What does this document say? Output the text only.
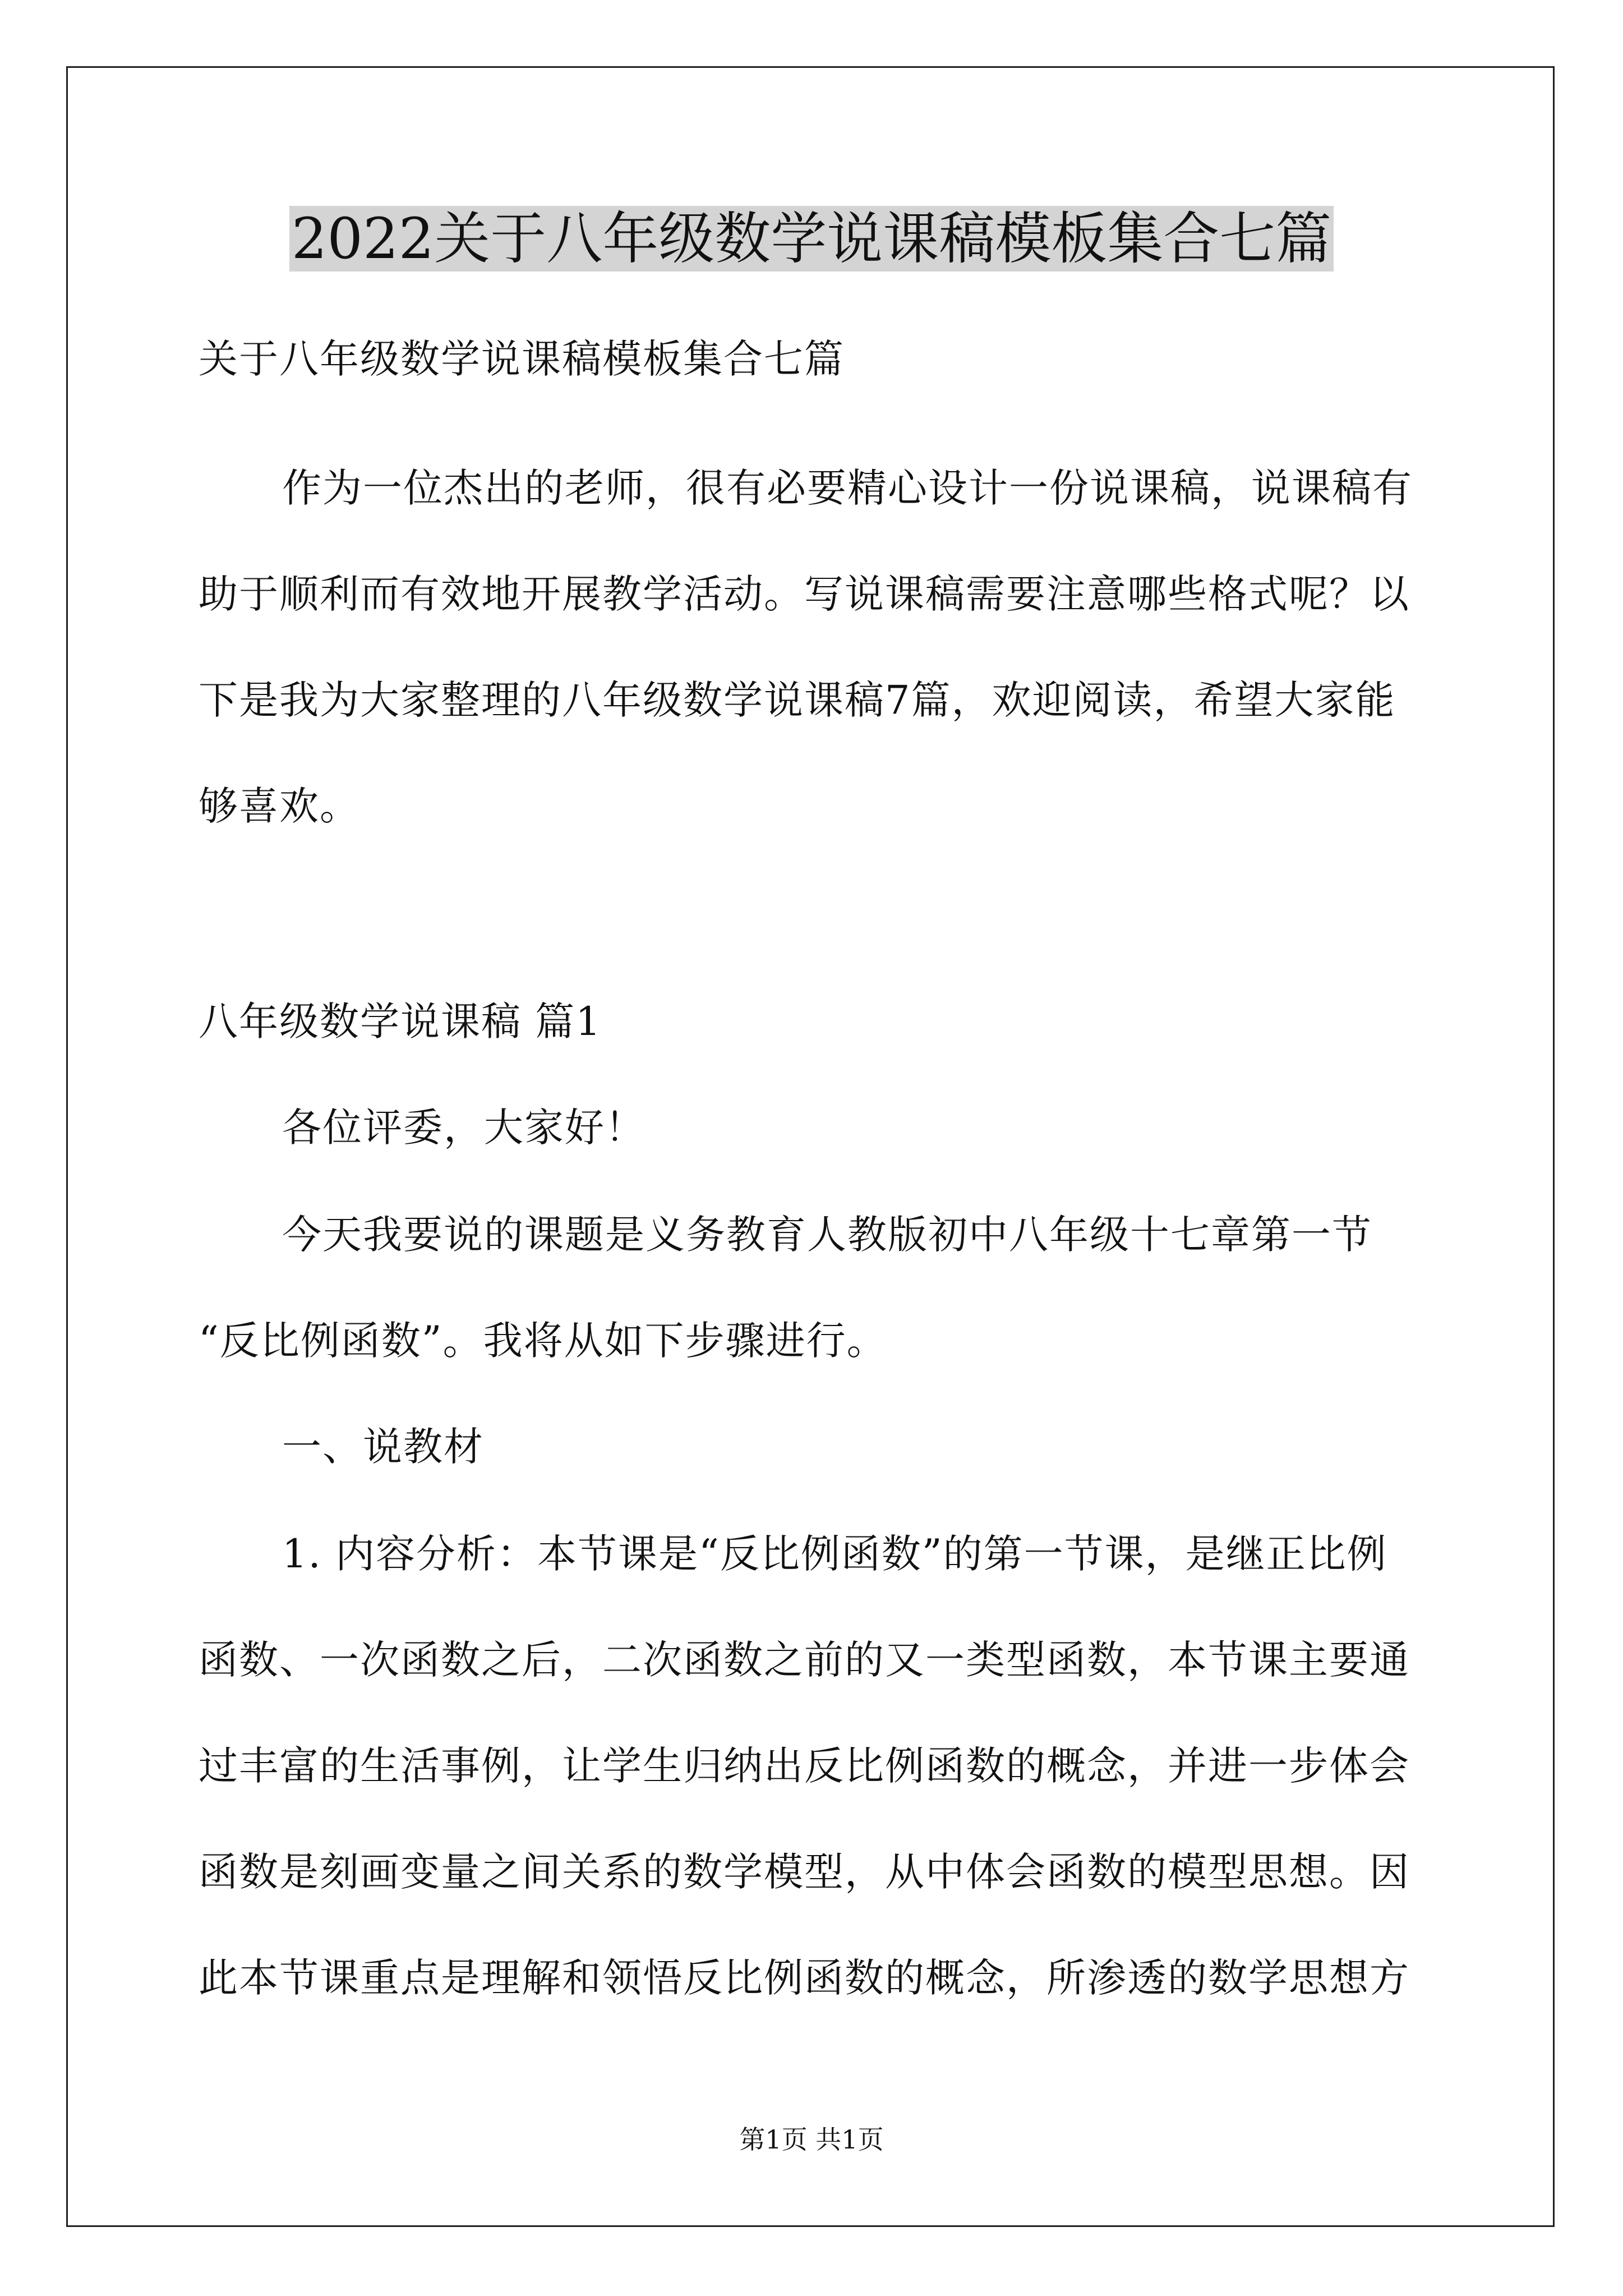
2022关于八年级数学说课稿模板集合七篇
关于八年级数学说课稿模板集合七篇
作为一位杰出的老师，很有必要精心设计一份说课稿，说课稿有
助于顺利而有效地开展教学活动。写说课稿需要注意哪些格式呢？以
下是我为大家整理的八年级数学说课稿7篇，欢迎阅读，希望大家能
够喜欢。
八年级数学说课稿 篇1
各位评委，大家好！
今天我要说的课题是义务教育人教版初中八年级十七章第一节
“反比例函数”。我将从如下步骤进行。
一、说教材
1. 内容分析：本节课是“反比例函数”的第一节课，是继正比例
函数、一次函数之后，二次函数之前的又一类型函数，本节课主要通
过丰富的生活事例，让学生归纳出反比例函数的概念，并进一步体会
函数是刻画变量之间关系的数学模型，从中体会函数的模型思想。因
此本节课重点是理解和领悟反比例函数的概念，所渗透的数学思想方
第1页 共1页
